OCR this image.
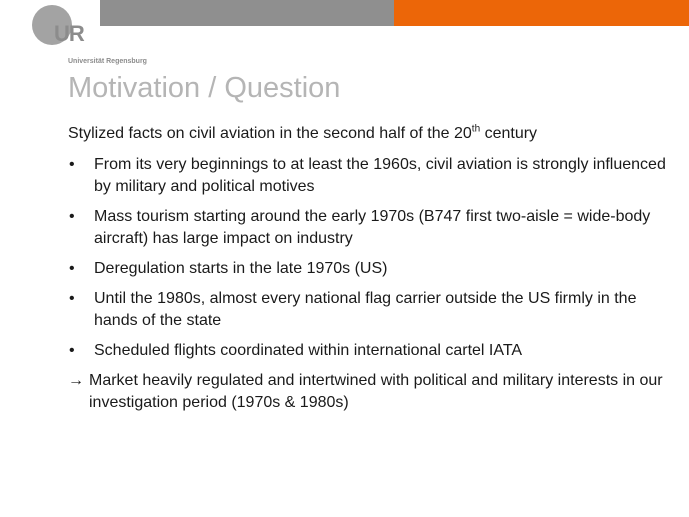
UR
Universität Regensburg
Motivation / Question

Stylized facts on civil aviation in the second half of the 20th century

• From its very beginnings to at least the 1960s, civil aviation is strongly influenced by military and political motives
• Mass tourism starting around the early 1970s (B747 first two-aisle = wide-body aircraft) has large impact on industry
• Deregulation starts in the late 1970s (US)
• Until the 1980s, almost every national flag carrier outside the US firmly in the hands of the state
• Scheduled flights coordinated within international cartel IATA
→ Market heavily regulated and intertwined with political and military interests in our investigation period (1970s & 1980s)
